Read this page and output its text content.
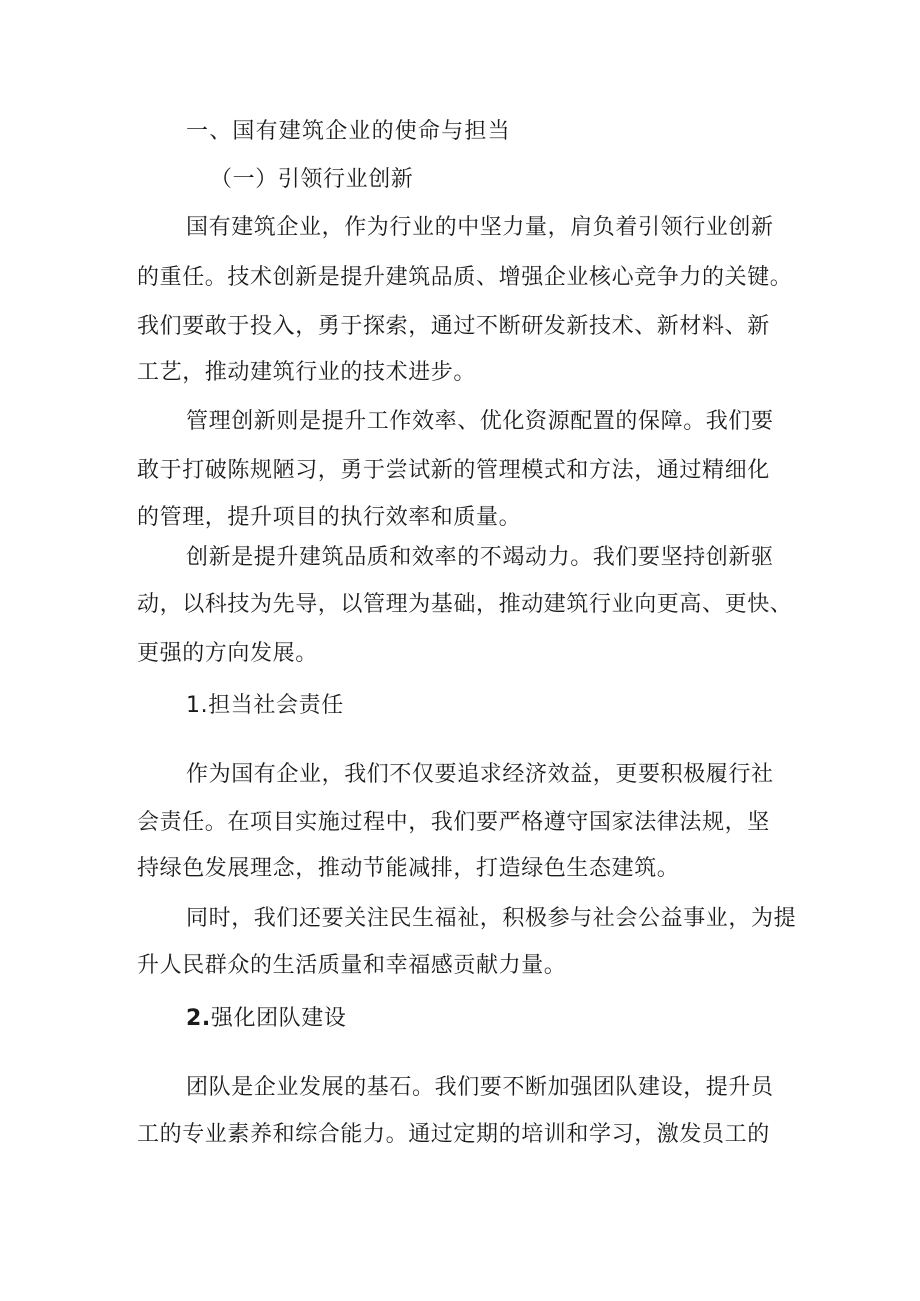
一、国有建筑企业的使命与担当
（一）引领行业创新
国有建筑企业，作为行业的中坚力量，肩负着引领行业创新
的重任。技术创新是提升建筑品质、增强企业核心竞争力的关键。
我们要敢于投入，勇于探索，通过不断研发新技术、新材料、新
工艺，推动建筑行业的技术进步。
管理创新则是提升工作效率、优化资源配置的保障。我们要
敢于打破陈规陋习，勇于尝试新的管理模式和方法，通过精细化
的管理，提升项目的执行效率和质量。
创新是提升建筑品质和效率的不竭动力。我们要坚持创新驱
动，以科技为先导，以管理为基础，推动建筑行业向更高、更快、
更强的方向发展。
1.担当社会责任
作为国有企业，我们不仅要追求经济效益，更要积极履行社
会责任。在项目实施过程中，我们要严格遵守国家法律法规，坚
持绿色发展理念，推动节能减排，打造绿色生态建筑。
同时，我们还要关注民生福祉，积极参与社会公益事业，为提
升人民群众的生活质量和幸福感贡献力量。
2.强化团队建设
团队是企业发展的基石。我们要不断加强团队建设，提升员
工的专业素养和综合能力。通过定期的培训和学习，激发员工的
